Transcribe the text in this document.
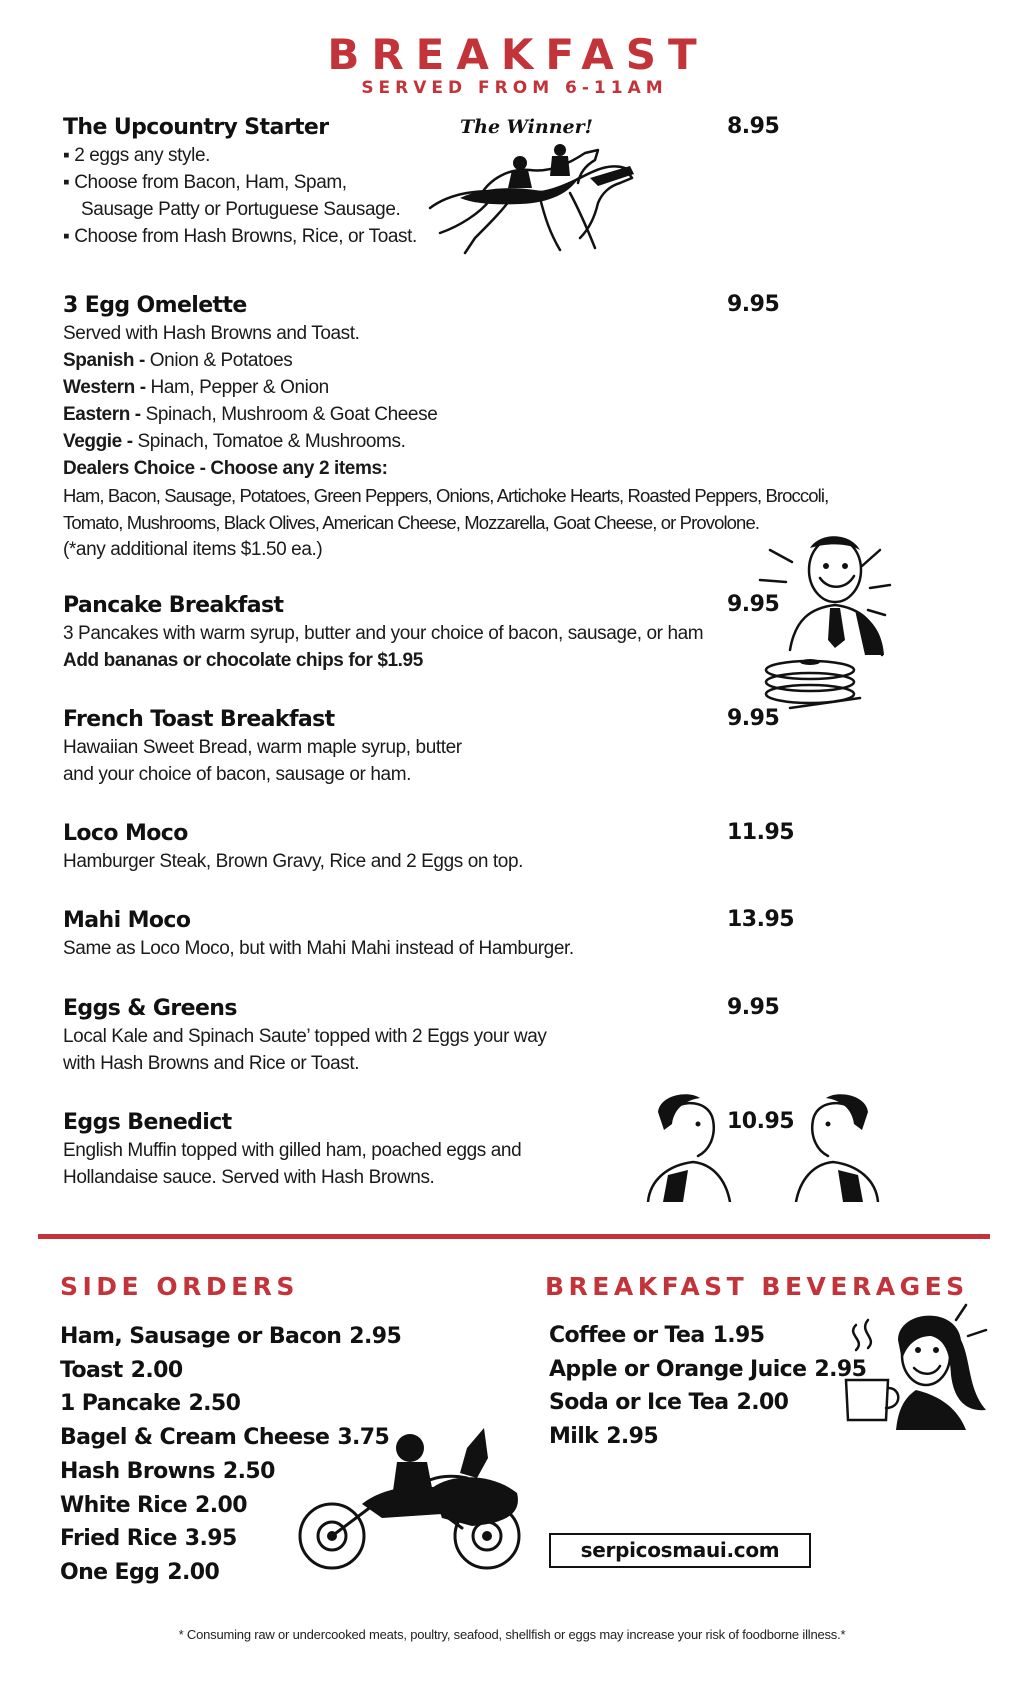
BREAKFAST
SERVED FROM 6-11AM
The Winner!
The Upcountry Starter
▪ 2 eggs any style.
▪ Choose from Bacon, Ham, Spam,
Sausage Patty or Portuguese Sausage.
▪ Choose from Hash Browns, Rice, or Toast.
8.95
3 Egg Omelette
Served with Hash Browns and Toast.
Spanish - Onion & Potatoes
Western - Ham, Pepper & Onion
Eastern - Spinach, Mushroom & Goat Cheese
Veggie - Spinach, Tomatoe & Mushrooms.
Dealers Choice - Choose any 2 items:
Ham, Bacon, Sausage, Potatoes, Green Peppers, Onions, Artichoke Hearts, Roasted Peppers, Broccoli,
Tomato, Mushrooms, Black Olives, American Cheese, Mozzarella, Goat Cheese, or Provolone.
(*any additional items $1.50 ea.)
9.95
Pancake Breakfast
3 Pancakes with warm syrup, butter and your choice of bacon, sausage, or ham
Add bananas or chocolate chips for $1.95
9.95
French Toast Breakfast
Hawaiian Sweet Bread, warm maple syrup, butter
and your choice of bacon, sausage or ham.
9.95
Loco Moco
Hamburger Steak, Brown Gravy, Rice and 2 Eggs on top.
11.95
Mahi Moco
Same as Loco Moco, but with Mahi Mahi instead of Hamburger.
13.95
Eggs & Greens
Local Kale and Spinach Saute’ topped with 2 Eggs your way
with Hash Browns and Rice or Toast.
9.95
Eggs Benedict
English Muffin topped with gilled ham, poached eggs and
Hollandaise sauce. Served with Hash Browns.
10.95
SIDE ORDERS
Ham, Sausage or Bacon 2.95
Toast 2.00
1 Pancake 2.50
Bagel & Cream Cheese 3.75
Hash Browns 2.50
White Rice 2.00
Fried Rice 3.95
One Egg 2.00
BREAKFAST BEVERAGES
Coffee or Tea 1.95
Apple or Orange Juice 2.95
Soda or Ice Tea 2.00
Milk 2.95
serpicosmaui.com
* Consuming raw or undercooked meats, poultry, seafood, shellfish or eggs may increase your risk of foodborne illness.*
